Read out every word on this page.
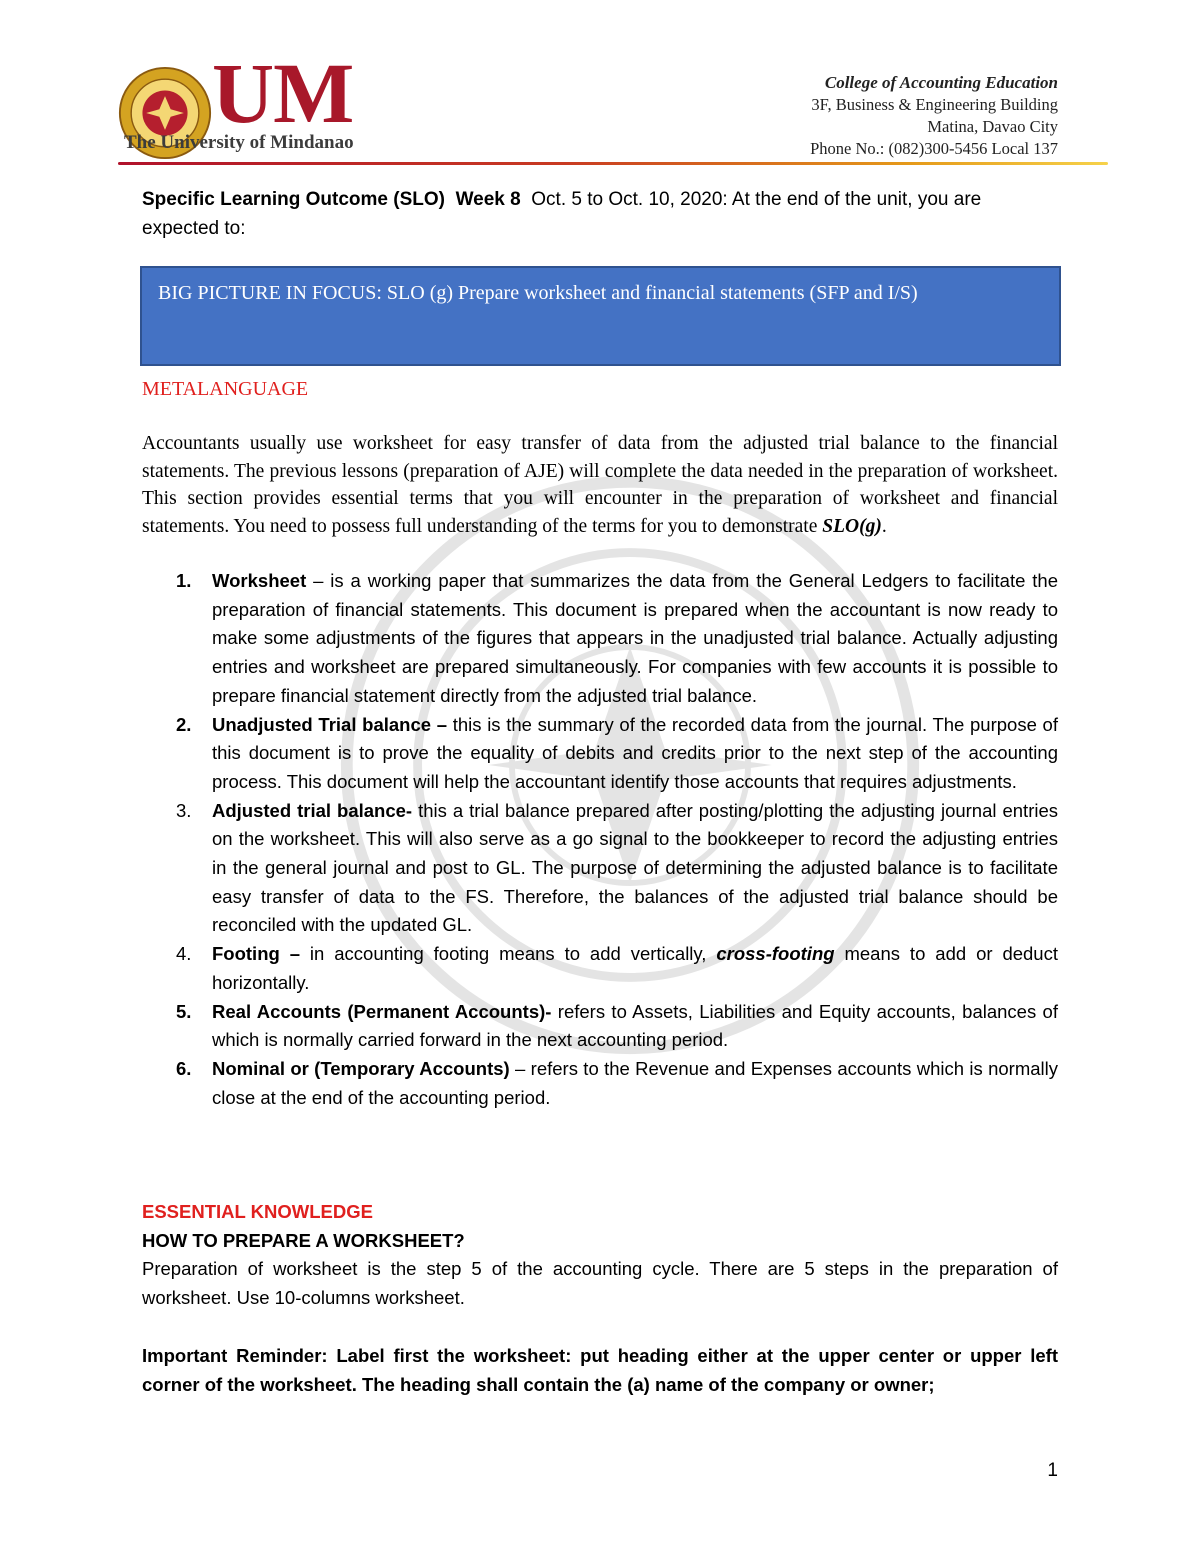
UM
The University of Mindanao
College of Accounting Education
3F, Business & Engineering Building
Matina, Davao City
Phone No.: (082)300-5456 Local 137
Specific Learning Outcome (SLO) Week 8 Oct. 5 to Oct. 10, 2020: At the end of the unit, you are expected to:
BIG PICTURE IN FOCUS: SLO (g) Prepare worksheet and financial statements (SFP and I/S)
METALANGUAGE
Accountants usually use worksheet for easy transfer of data from the adjusted trial balance to the financial statements. The previous lessons (preparation of AJE) will complete the data needed in the preparation of worksheet. This section provides essential terms that you will encounter in the preparation of worksheet and financial statements. You need to possess full understanding of the terms for you to demonstrate SLO(g).
1. Worksheet – is a working paper that summarizes the data from the General Ledgers to facilitate the preparation of financial statements. This document is prepared when the accountant is now ready to make some adjustments of the figures that appears in the unadjusted trial balance. Actually adjusting entries and worksheet are prepared simultaneously. For companies with few accounts it is possible to prepare financial statement directly from the adjusted trial balance.
2. Unadjusted Trial balance – this is the summary of the recorded data from the journal. The purpose of this document is to prove the equality of debits and credits prior to the next step of the accounting process. This document will help the accountant identify those accounts that requires adjustments.
3. Adjusted trial balance- this a trial balance prepared after posting/plotting the adjusting journal entries on the worksheet. This will also serve as a go signal to the bookkeeper to record the adjusting entries in the general journal and post to GL. The purpose of determining the adjusted balance is to facilitate easy transfer of data to the FS. Therefore, the balances of the adjusted trial balance should be reconciled with the updated GL.
4. Footing – in accounting footing means to add vertically, cross-footing means to add or deduct horizontally.
5. Real Accounts (Permanent Accounts)- refers to Assets, Liabilities and Equity accounts, balances of which is normally carried forward in the next accounting period.
6. Nominal or (Temporary Accounts) – refers to the Revenue and Expenses accounts which is normally close at the end of the accounting period.
ESSENTIAL KNOWLEDGE
HOW TO PREPARE A WORKSHEET?
Preparation of worksheet is the step 5 of the accounting cycle. There are 5 steps in the preparation of worksheet. Use 10-columns worksheet.
Important Reminder: Label first the worksheet: put heading either at the upper center or upper left corner of the worksheet. The heading shall contain the (a) name of the company or owner;
1
